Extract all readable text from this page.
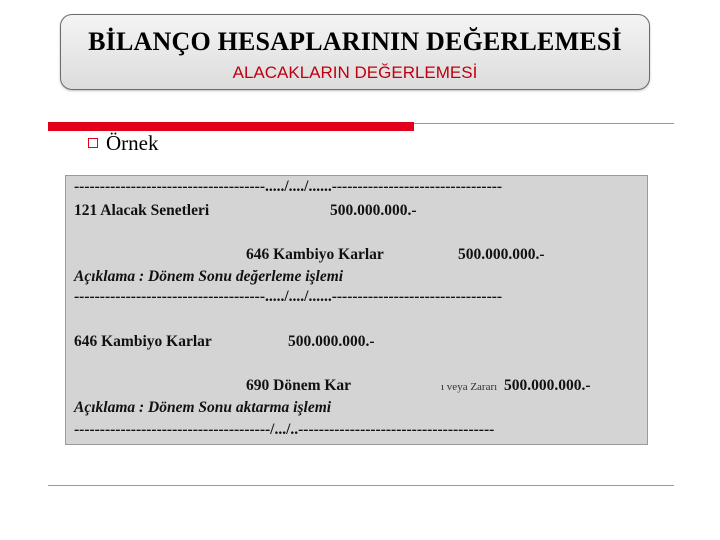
BİLANÇO HESAPLARININ DEĞERLEMESİ
ALACAKLARIN DEĞERLEMESİ
Örnek
-------------------------------------...../..../......---------------------------------
121 Alacak Senetleri	500.000.000.-
646 Kambiyo Karlar	500.000.000.-
Açıklama : Dönem Sonu değerleme işlemi
-------------------------------------...../..../......---------------------------------
646 Kambiyo Karlar	500.000.000.-
690 Dönem Kar	ı veya Zararı 500.000.000.-
Açıklama : Dönem Sonu aktarma işlemi
--------------------------------------/.../..--------------------------------------
